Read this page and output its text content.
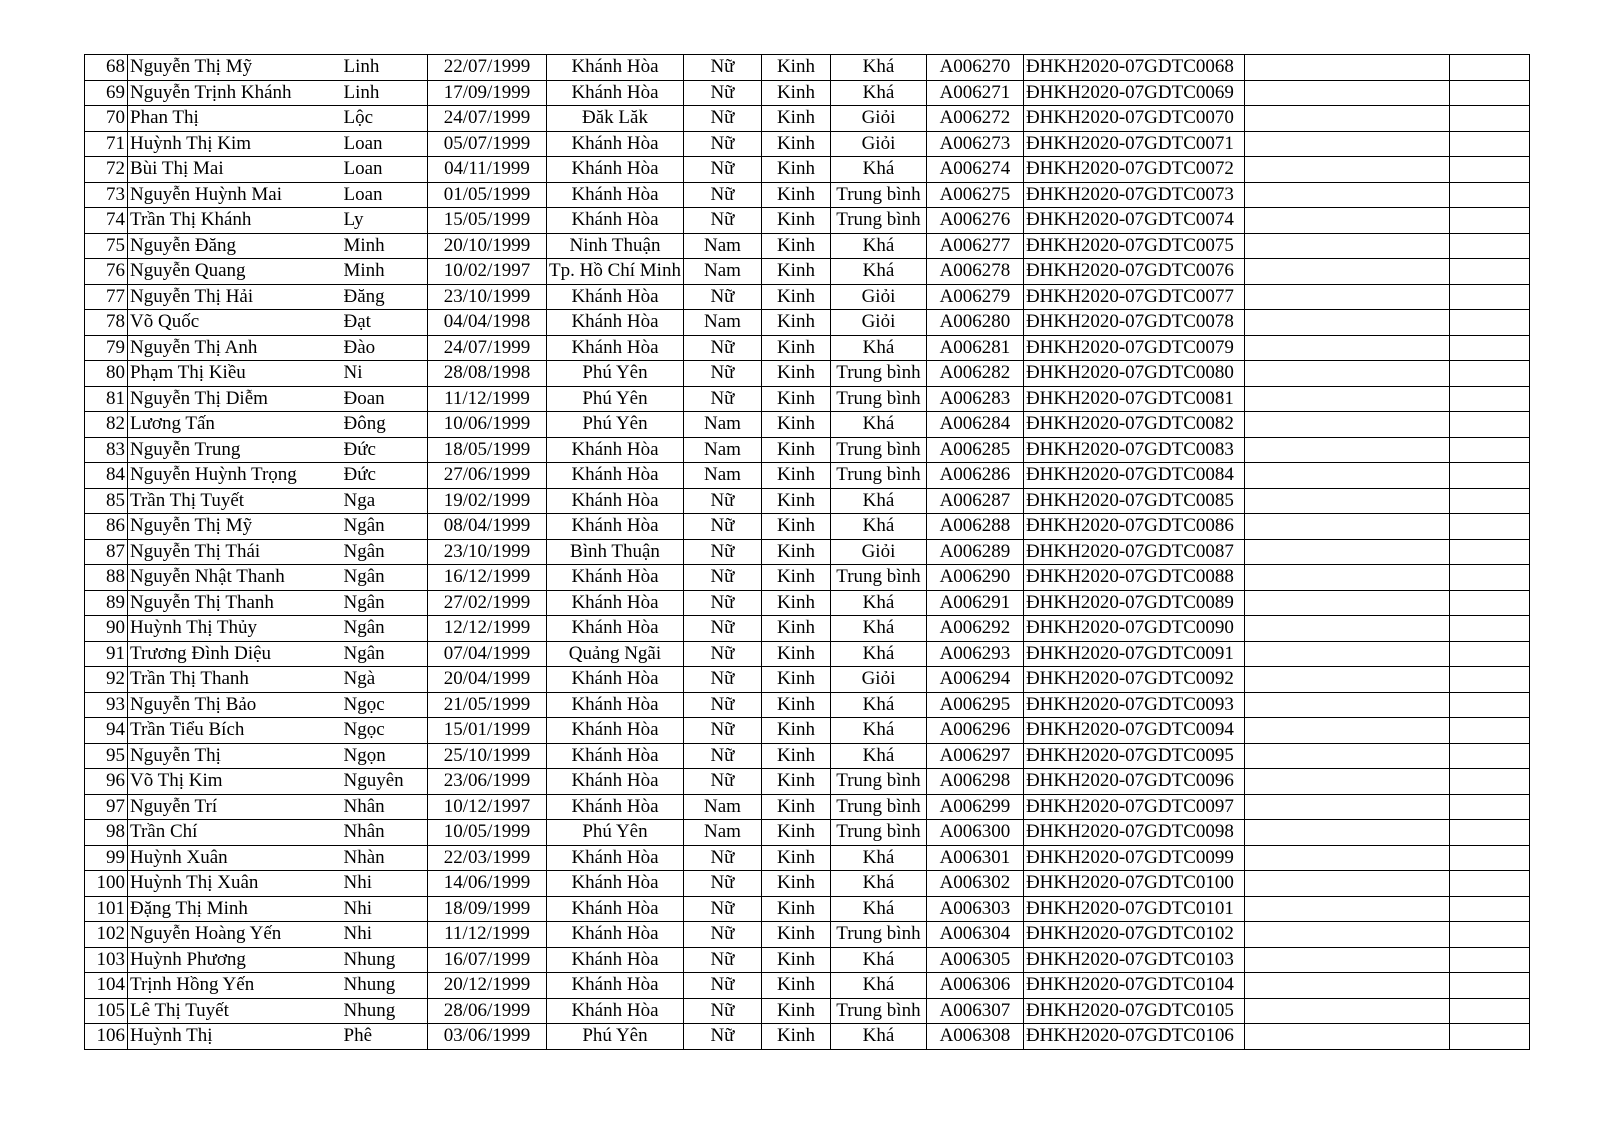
68	Nguyễn Thị Mỹ	Linh	22/07/1999	Khánh Hòa	Nữ	Kinh	Khá	A006270	ĐHKH2020-07GDTC0068		
69	Nguyễn Trịnh Khánh	Linh	17/09/1999	Khánh Hòa	Nữ	Kinh	Khá	A006271	ĐHKH2020-07GDTC0069		
70	Phan Thị	Lộc	24/07/1999	Đăk Lăk	Nữ	Kinh	Giỏi	A006272	ĐHKH2020-07GDTC0070		
71	Huỳnh Thị Kim	Loan	05/07/1999	Khánh Hòa	Nữ	Kinh	Giỏi	A006273	ĐHKH2020-07GDTC0071		
72	Bùi Thị Mai	Loan	04/11/1999	Khánh Hòa	Nữ	Kinh	Khá	A006274	ĐHKH2020-07GDTC0072		
73	Nguyễn Huỳnh Mai	Loan	01/05/1999	Khánh Hòa	Nữ	Kinh	Trung bình	A006275	ĐHKH2020-07GDTC0073		
74	Trần Thị Khánh	Ly	15/05/1999	Khánh Hòa	Nữ	Kinh	Trung bình	A006276	ĐHKH2020-07GDTC0074		
75	Nguyễn Đăng	Minh	20/10/1999	Ninh Thuận	Nam	Kinh	Khá	A006277	ĐHKH2020-07GDTC0075		
76	Nguyễn Quang	Minh	10/02/1997	Tp. Hồ Chí Minh	Nam	Kinh	Khá	A006278	ĐHKH2020-07GDTC0076		
77	Nguyễn Thị Hải	Đăng	23/10/1999	Khánh Hòa	Nữ	Kinh	Giỏi	A006279	ĐHKH2020-07GDTC0077		
78	Võ Quốc	Đạt	04/04/1998	Khánh Hòa	Nam	Kinh	Giỏi	A006280	ĐHKH2020-07GDTC0078		
79	Nguyễn Thị Anh	Đào	24/07/1999	Khánh Hòa	Nữ	Kinh	Khá	A006281	ĐHKH2020-07GDTC0079		
80	Phạm Thị Kiều	Ni	28/08/1998	Phú Yên	Nữ	Kinh	Trung bình	A006282	ĐHKH2020-07GDTC0080		
81	Nguyễn Thị Diễm	Đoan	11/12/1999	Phú Yên	Nữ	Kinh	Trung bình	A006283	ĐHKH2020-07GDTC0081		
82	Lương Tấn	Đông	10/06/1999	Phú Yên	Nam	Kinh	Khá	A006284	ĐHKH2020-07GDTC0082		
83	Nguyễn Trung	Đức	18/05/1999	Khánh Hòa	Nam	Kinh	Trung bình	A006285	ĐHKH2020-07GDTC0083		
84	Nguyễn Huỳnh Trọng	Đức	27/06/1999	Khánh Hòa	Nam	Kinh	Trung bình	A006286	ĐHKH2020-07GDTC0084		
85	Trần Thị Tuyết	Nga	19/02/1999	Khánh Hòa	Nữ	Kinh	Khá	A006287	ĐHKH2020-07GDTC0085		
86	Nguyễn Thị Mỹ	Ngân	08/04/1999	Khánh Hòa	Nữ	Kinh	Khá	A006288	ĐHKH2020-07GDTC0086		
87	Nguyễn Thị Thái	Ngân	23/10/1999	Bình Thuận	Nữ	Kinh	Giỏi	A006289	ĐHKH2020-07GDTC0087		
88	Nguyễn Nhật Thanh	Ngân	16/12/1999	Khánh Hòa	Nữ	Kinh	Trung bình	A006290	ĐHKH2020-07GDTC0088		
89	Nguyễn Thị Thanh	Ngân	27/02/1999	Khánh Hòa	Nữ	Kinh	Khá	A006291	ĐHKH2020-07GDTC0089		
90	Huỳnh Thị Thủy	Ngân	12/12/1999	Khánh Hòa	Nữ	Kinh	Khá	A006292	ĐHKH2020-07GDTC0090		
91	Trương Đình Diệu	Ngân	07/04/1999	Quảng Ngãi	Nữ	Kinh	Khá	A006293	ĐHKH2020-07GDTC0091		
92	Trần Thị Thanh	Ngà	20/04/1999	Khánh Hòa	Nữ	Kinh	Giỏi	A006294	ĐHKH2020-07GDTC0092		
93	Nguyễn Thị Bảo	Ngọc	21/05/1999	Khánh Hòa	Nữ	Kinh	Khá	A006295	ĐHKH2020-07GDTC0093		
94	Trần Tiểu Bích	Ngọc	15/01/1999	Khánh Hòa	Nữ	Kinh	Khá	A006296	ĐHKH2020-07GDTC0094		
95	Nguyễn Thị	Ngọn	25/10/1999	Khánh Hòa	Nữ	Kinh	Khá	A006297	ĐHKH2020-07GDTC0095		
96	Võ Thị Kim	Nguyên	23/06/1999	Khánh Hòa	Nữ	Kinh	Trung bình	A006298	ĐHKH2020-07GDTC0096		
97	Nguyễn Trí	Nhân	10/12/1997	Khánh Hòa	Nam	Kinh	Trung bình	A006299	ĐHKH2020-07GDTC0097		
98	Trần Chí	Nhân	10/05/1999	Phú Yên	Nam	Kinh	Trung bình	A006300	ĐHKH2020-07GDTC0098		
99	Huỳnh Xuân	Nhàn	22/03/1999	Khánh Hòa	Nữ	Kinh	Khá	A006301	ĐHKH2020-07GDTC0099		
100	Huỳnh Thị Xuân	Nhi	14/06/1999	Khánh Hòa	Nữ	Kinh	Khá	A006302	ĐHKH2020-07GDTC0100		
101	Đặng Thị Minh	Nhi	18/09/1999	Khánh Hòa	Nữ	Kinh	Khá	A006303	ĐHKH2020-07GDTC0101		
102	Nguyễn Hoàng Yến	Nhi	11/12/1999	Khánh Hòa	Nữ	Kinh	Trung bình	A006304	ĐHKH2020-07GDTC0102		
103	Huỳnh Phương	Nhung	16/07/1999	Khánh Hòa	Nữ	Kinh	Khá	A006305	ĐHKH2020-07GDTC0103		
104	Trịnh Hồng Yến	Nhung	20/12/1999	Khánh Hòa	Nữ	Kinh	Khá	A006306	ĐHKH2020-07GDTC0104		
105	Lê Thị Tuyết	Nhung	28/06/1999	Khánh Hòa	Nữ	Kinh	Trung bình	A006307	ĐHKH2020-07GDTC0105		
106	Huỳnh Thị	Phê	03/06/1999	Phú Yên	Nữ	Kinh	Khá	A006308	ĐHKH2020-07GDTC0106		
